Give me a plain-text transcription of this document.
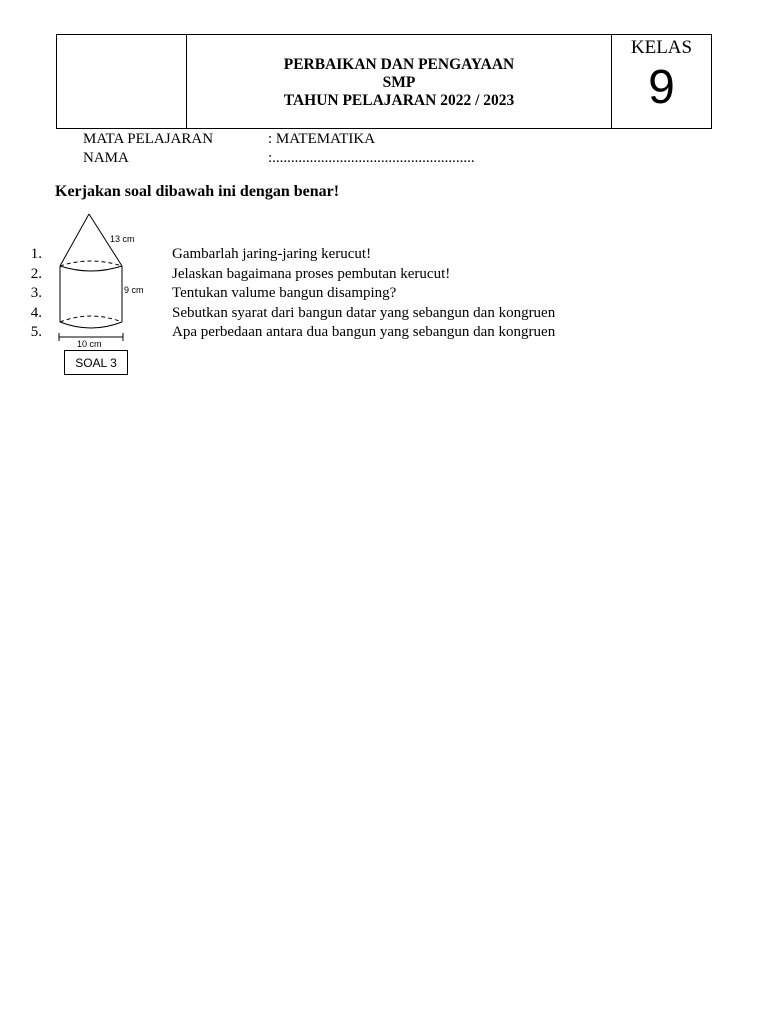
PERBAIKAN DAN PENGAYAAN
SMP
TAHUN PELAJARAN 2022 / 2023
KELAS
9
MATA PELAJARAN	: MATEMATIKA
NAMA	:......................................................
Kerjakan soal dibawah ini dengan benar!
13 cm
9 cm
10 cm
SOAL 3
1.	Gambarlah jaring-jaring kerucut!
2.	Jelaskan bagaimana proses pembutan kerucut!
3.	Tentukan valume bangun disamping?
4.	Sebutkan syarat dari bangun datar yang sebangun dan kongruen
5.	Apa perbedaan antara dua bangun yang sebangun dan kongruen
